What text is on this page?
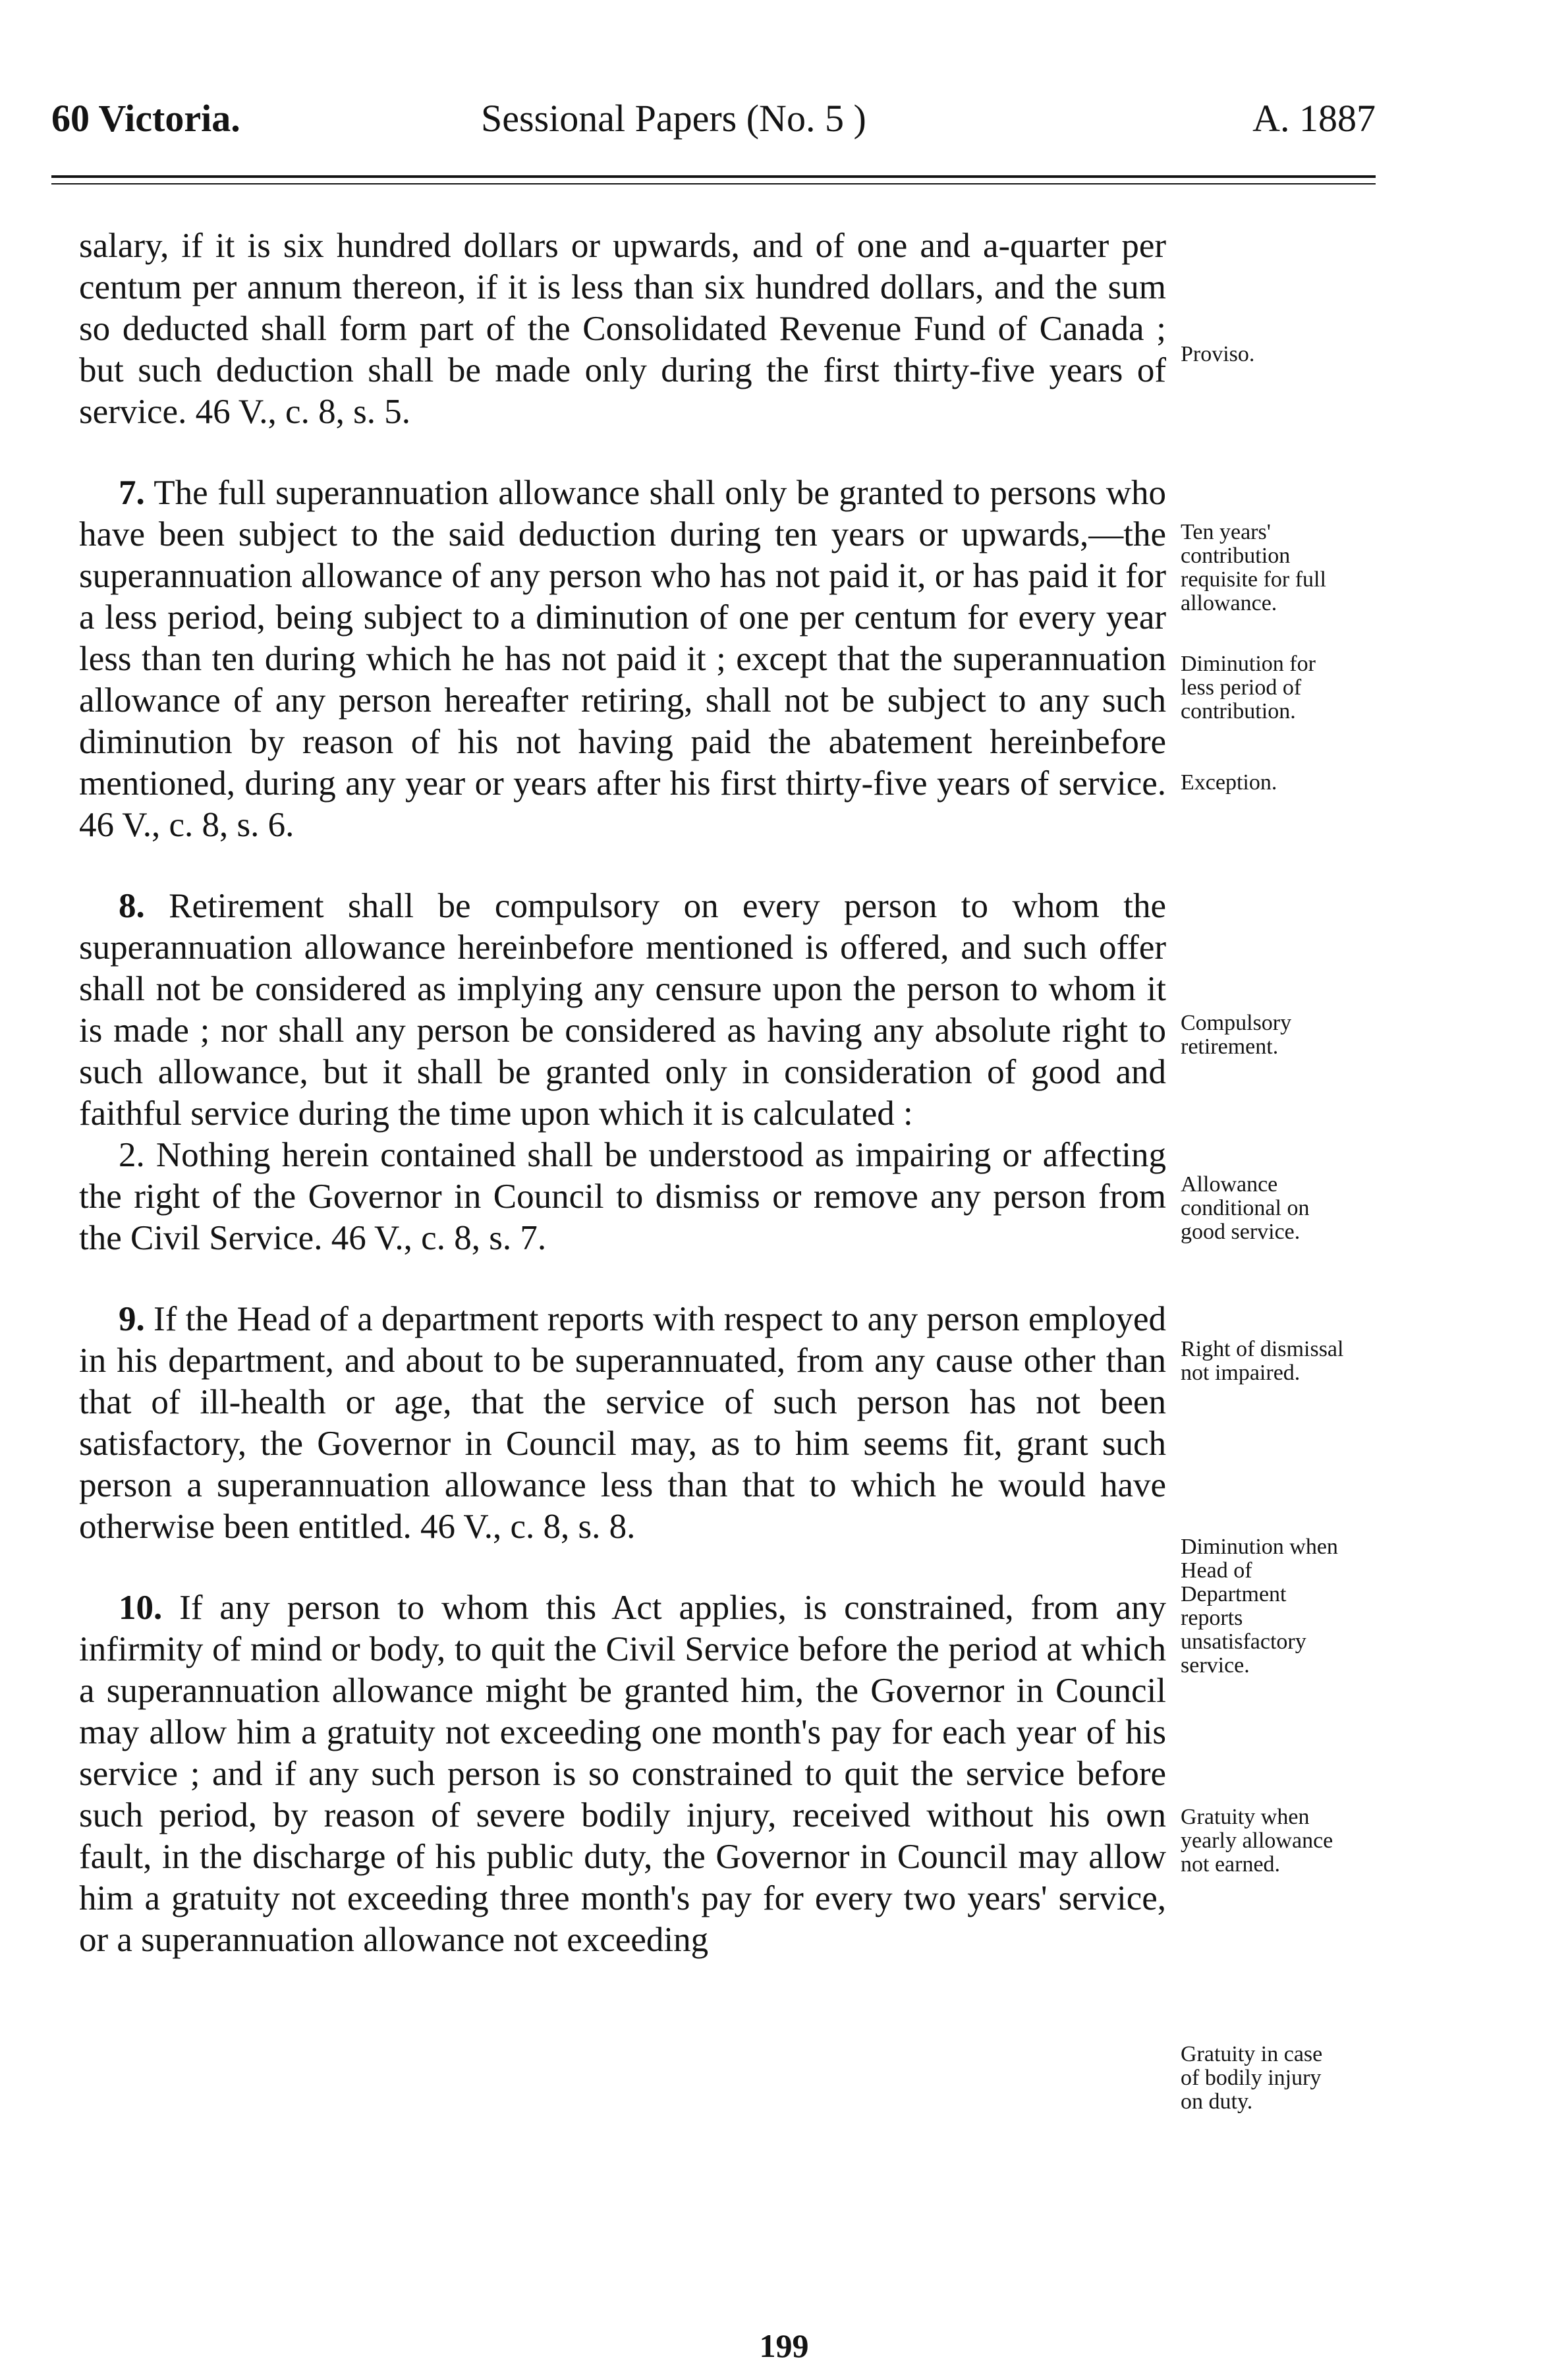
60 Victoria.	Sessional Papers (No. 5 )	A. 1887

salary, if it is six hundred dollars or upwards, and of one and a-quarter per centum per annum thereon, if it is less than six hundred dollars, and the sum so deducted shall form part of the Consolidated Revenue Fund of Canada ; but such deduction shall be made only during the first thirty-five years of service. 46 V., c. 8, s. 5.

7. The full superannuation allowance shall only be granted to persons who have been subject to the said deduction during ten years or upwards,—the superannuation allowance of any person who has not paid it, or has paid it for a less period, being subject to a diminution of one per centum for every year less than ten during which he has not paid it ; except that the superannuation allowance of any person hereafter retiring, shall not be subject to any such diminution by reason of his not having paid the abatement hereinbefore mentioned, during any year or years after his first thirty-five years of service. 46 V., c. 8, s. 6.

8. Retirement shall be compulsory on every person to whom the superannuation allowance hereinbefore mentioned is offered, and such offer shall not be considered as implying any censure upon the person to whom it is made ; nor shall any person be considered as having any absolute right to such allowance, but it shall be granted only in consideration of good and faithful service during the time upon which it is calculated :

2. Nothing herein contained shall be understood as impairing or affecting the right of the Governor in Council to dismiss or remove any person from the Civil Service. 46 V., c. 8, s. 7.

9. If the Head of a department reports with respect to any person employed in his department, and about to be superannuated, from any cause other than that of ill-health or age, that the service of such person has not been satisfactory, the Governor in Council may, as to him seems fit, grant such person a superannuation allowance less than that to which he would have otherwise been entitled. 46 V., c. 8, s. 8.

10. If any person to whom this Act applies, is constrained, from any infirmity of mind or body, to quit the Civil Service before the period at which a superannuation allowance might be granted him, the Governor in Council may allow him a gratuity not exceeding one month's pay for each year of his service ; and if any such person is so constrained to quit the service before such period, by reason of severe bodily injury, received without his own fault, in the discharge of his public duty, the Governor in Council may allow him a gratuity not exceeding three month's pay for every two years' service, or a superannuation allowance not exceeding

Proviso.
Ten years' contribution requisite for full allowance.
Diminution for less period of contribution.
Exception.
Compulsory retirement.
Allowance conditional on good service.
Right of dismissal not impaired.
Diminution when Head of Department reports unsatisfactory service.
Gratuity when yearly allowance not earned.
Gratuity in case of bodily injury on duty.
199
